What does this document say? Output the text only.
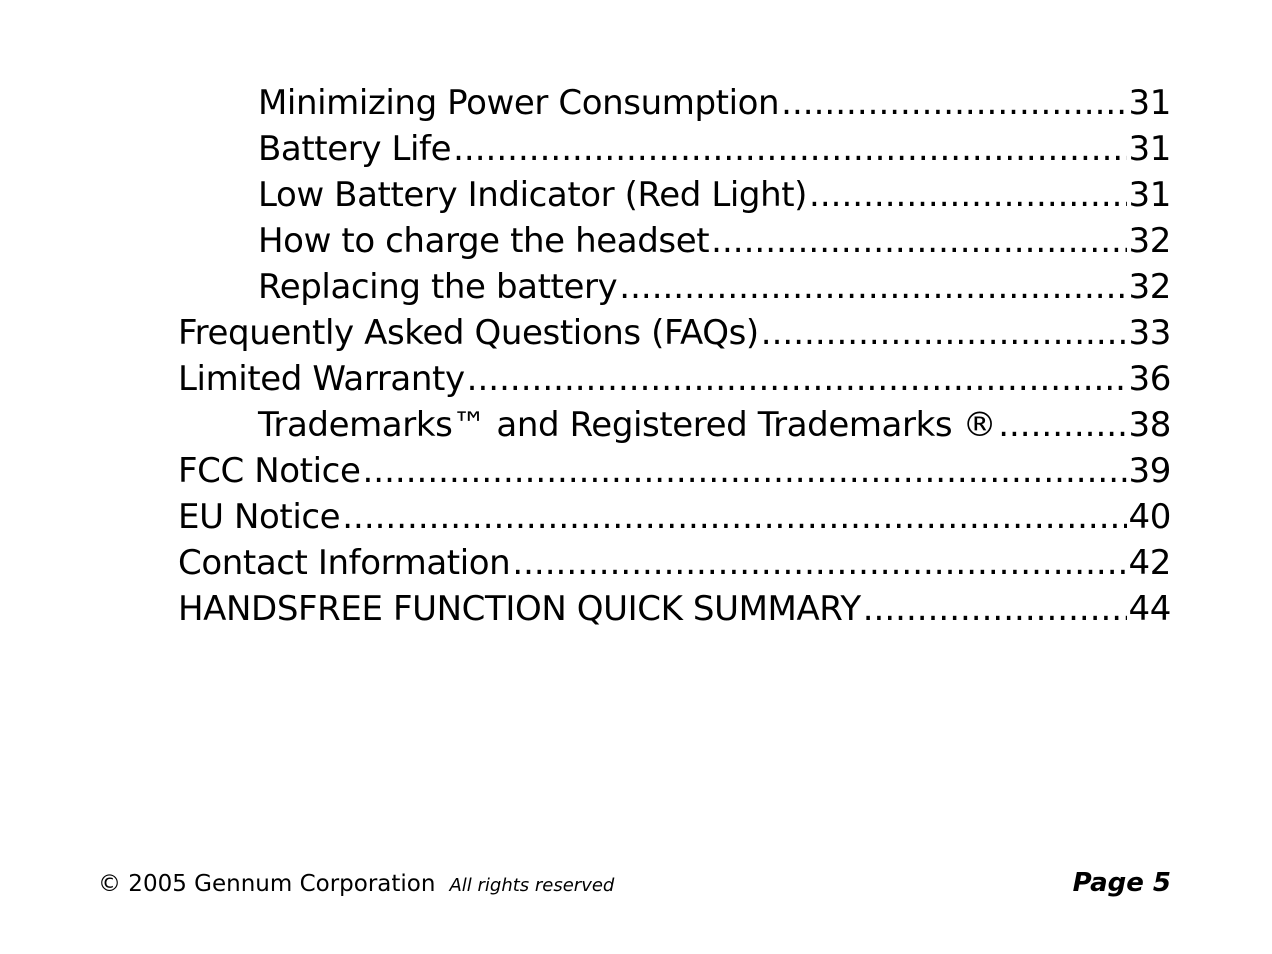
Minimizing Power Consumption .....	31
Battery Life .....	31
Low Battery Indicator (Red Light) .....	31
How to charge the headset .....	32
Replacing the battery .....	32
Frequently Asked Questions (FAQs) .....	33
Limited Warranty .....	36
Trademarks™ and Registered Trademarks ® .....	38
FCC Notice .....	39
EU Notice .....	40
Contact Information .....	42
HANDSFREE FUNCTION QUICK SUMMARY .....	44
© 2005 Gennum Corporation All rights reserved	Page 5
